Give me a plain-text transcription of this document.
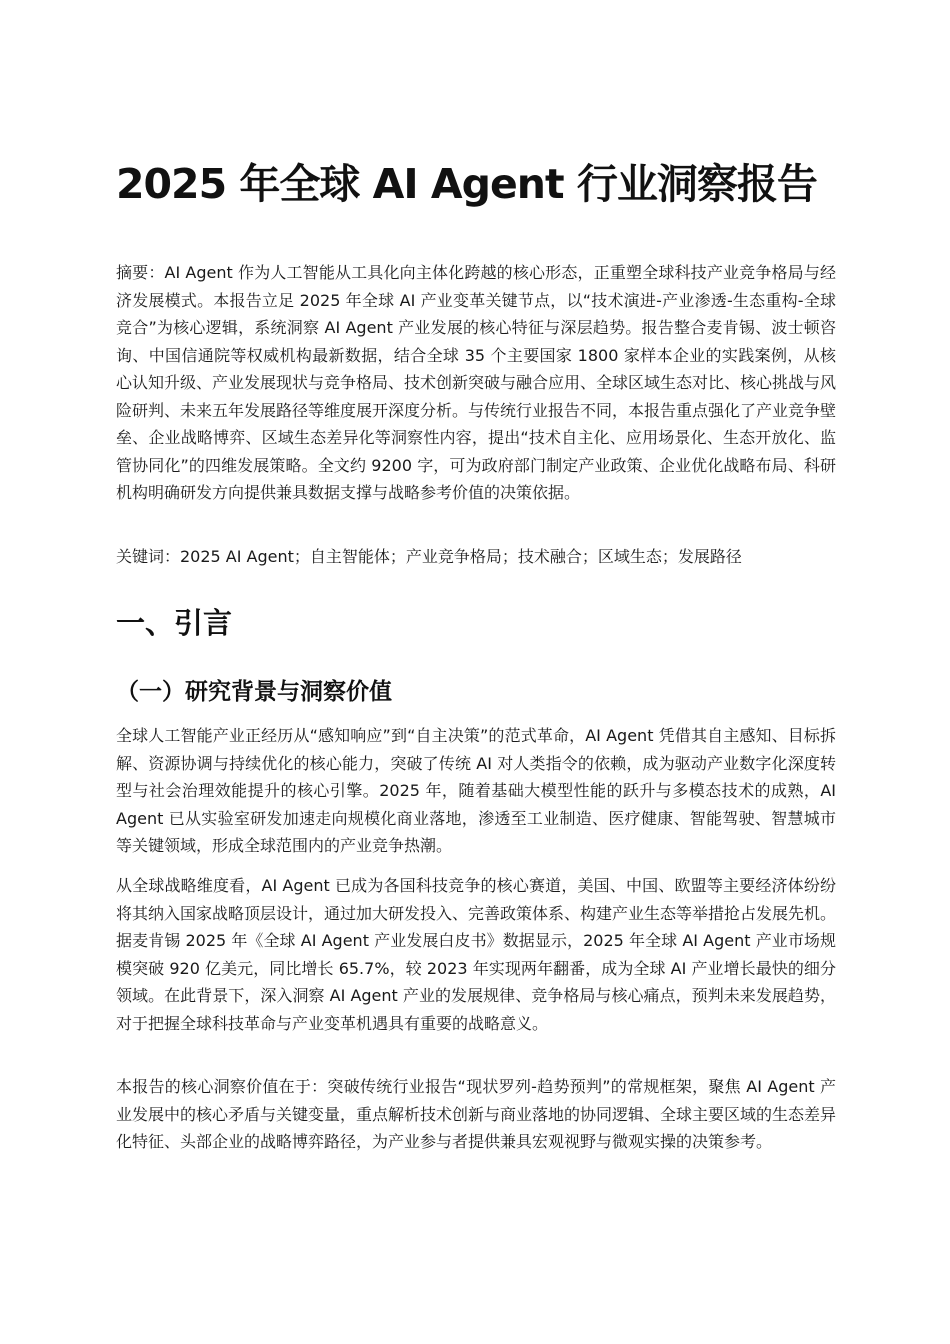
2025 年全球 AI Agent 行业洞察报告

摘要：AI Agent 作为人工智能从工具化向主体化跨越的核心形态，正重塑全球科技产业竞争格局与经济发展模式。本报告立足 2025 年全球 AI 产业变革关键节点，以“技术演进-产业渗透-生态重构-全球竞合”为核心逻辑，系统洞察 AI Agent 产业发展的核心特征与深层趋势。报告整合麦肯锡、波士顿咨询、中国信通院等权威机构最新数据，结合全球 35 个主要国家 1800 家样本企业的实践案例，从核心认知升级、产业发展现状与竞争格局、技术创新突破与融合应用、全球区域生态对比、核心挑战与风险研判、未来五年发展路径等维度展开深度分析。与传统行业报告不同，本报告重点强化了产业竞争壁垒、企业战略博弈、区域生态差异化等洞察性内容，提出“技术自主化、应用场景化、生态开放化、监管协同化”的四维发展策略。全文约 9200 字，可为政府部门制定产业政策、企业优化战略布局、科研机构明确研发方向提供兼具数据支撑与战略参考价值的决策依据。

关键词：2025 AI Agent；自主智能体；产业竞争格局；技术融合；区域生态；发展路径

一、引言
（一）研究背景与洞察价值

全球人工智能产业正经历从“感知响应”到“自主决策”的范式革命，AI Agent 凭借其自主感知、目标拆解、资源协调与持续优化的核心能力，突破了传统 AI 对人类指令的依赖，成为驱动产业数字化深度转型与社会治理效能提升的核心引擎。2025 年，随着基础大模型性能的跃升与多模态技术的成熟，AI Agent 已从实验室研发加速走向规模化商业落地，渗透至工业制造、医疗健康、智能驾驶、智慧城市等关键领域，形成全球范围内的产业竞争热潮。

从全球战略维度看，AI Agent 已成为各国科技竞争的核心赛道，美国、中国、欧盟等主要经济体纷纷将其纳入国家战略顶层设计，通过加大研发投入、完善政策体系、构建产业生态等举措抢占发展先机。据麦肯锡 2025 年《全球 AI Agent 产业发展白皮书》数据显示，2025 年全球 AI Agent 产业市场规模突破 920 亿美元，同比增长 65.7%，较 2023 年实现两年翻番，成为全球 AI 产业增长最快的细分领域。在此背景下，深入洞察 AI Agent 产业的发展规律、竞争格局与核心痛点，预判未来发展趋势，对于把握全球科技革命与产业变革机遇具有重要的战略意义。

本报告的核心洞察价值在于：突破传统行业报告“现状罗列-趋势预判”的常规框架，聚焦 AI Agent 产业发展中的核心矛盾与关键变量，重点解析技术创新与商业落地的协同逻辑、全球主要区域的生态差异化特征、头部企业的战略博弈路径，为产业参与者提供兼具宏观视野与微观实操的决策参考。
